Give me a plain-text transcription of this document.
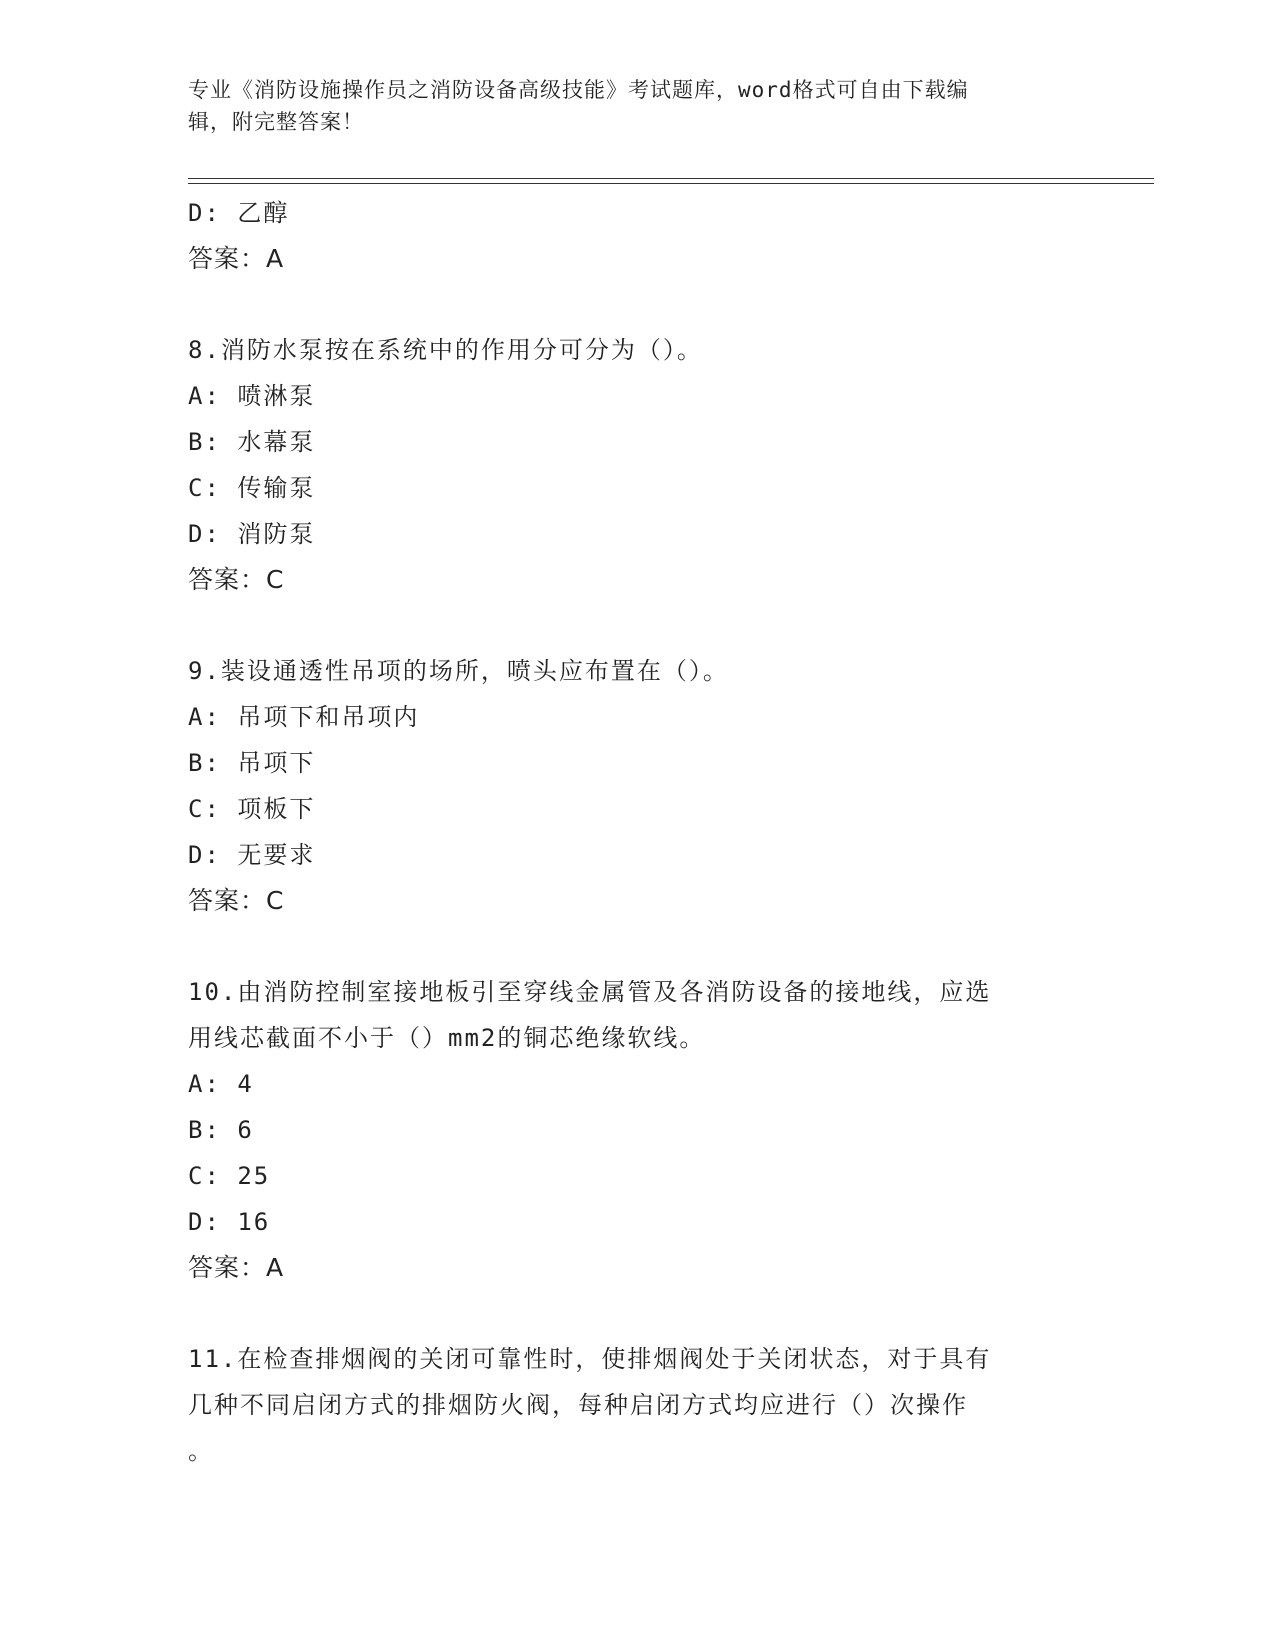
专业《消防设施操作员之消防设备高级技能》考试题库，word格式可自由下载编
辑，附完整答案！
D: 乙醇
答案：A
8.消防水泵按在系统中的作用分可分为（）。
A: 喷淋泵
B: 水幕泵
C: 传输泵
D: 消防泵
答案：C
9.装设通透性吊项的场所，喷头应布置在（）。
A: 吊项下和吊项内
B: 吊项下
C: 项板下
D: 无要求
答案：C
10.由消防控制室接地板引至穿线金属管及各消防设备的接地线，应选
用线芯截面不小于（）mm2的铜芯绝缘软线。
A: 4
B: 6
C: 25
D: 16
答案：A
11.在检查排烟阀的关闭可靠性时，使排烟阀处于关闭状态，对于具有
几种不同启闭方式的排烟防火阀，每种启闭方式均应进行（）次操作
。
